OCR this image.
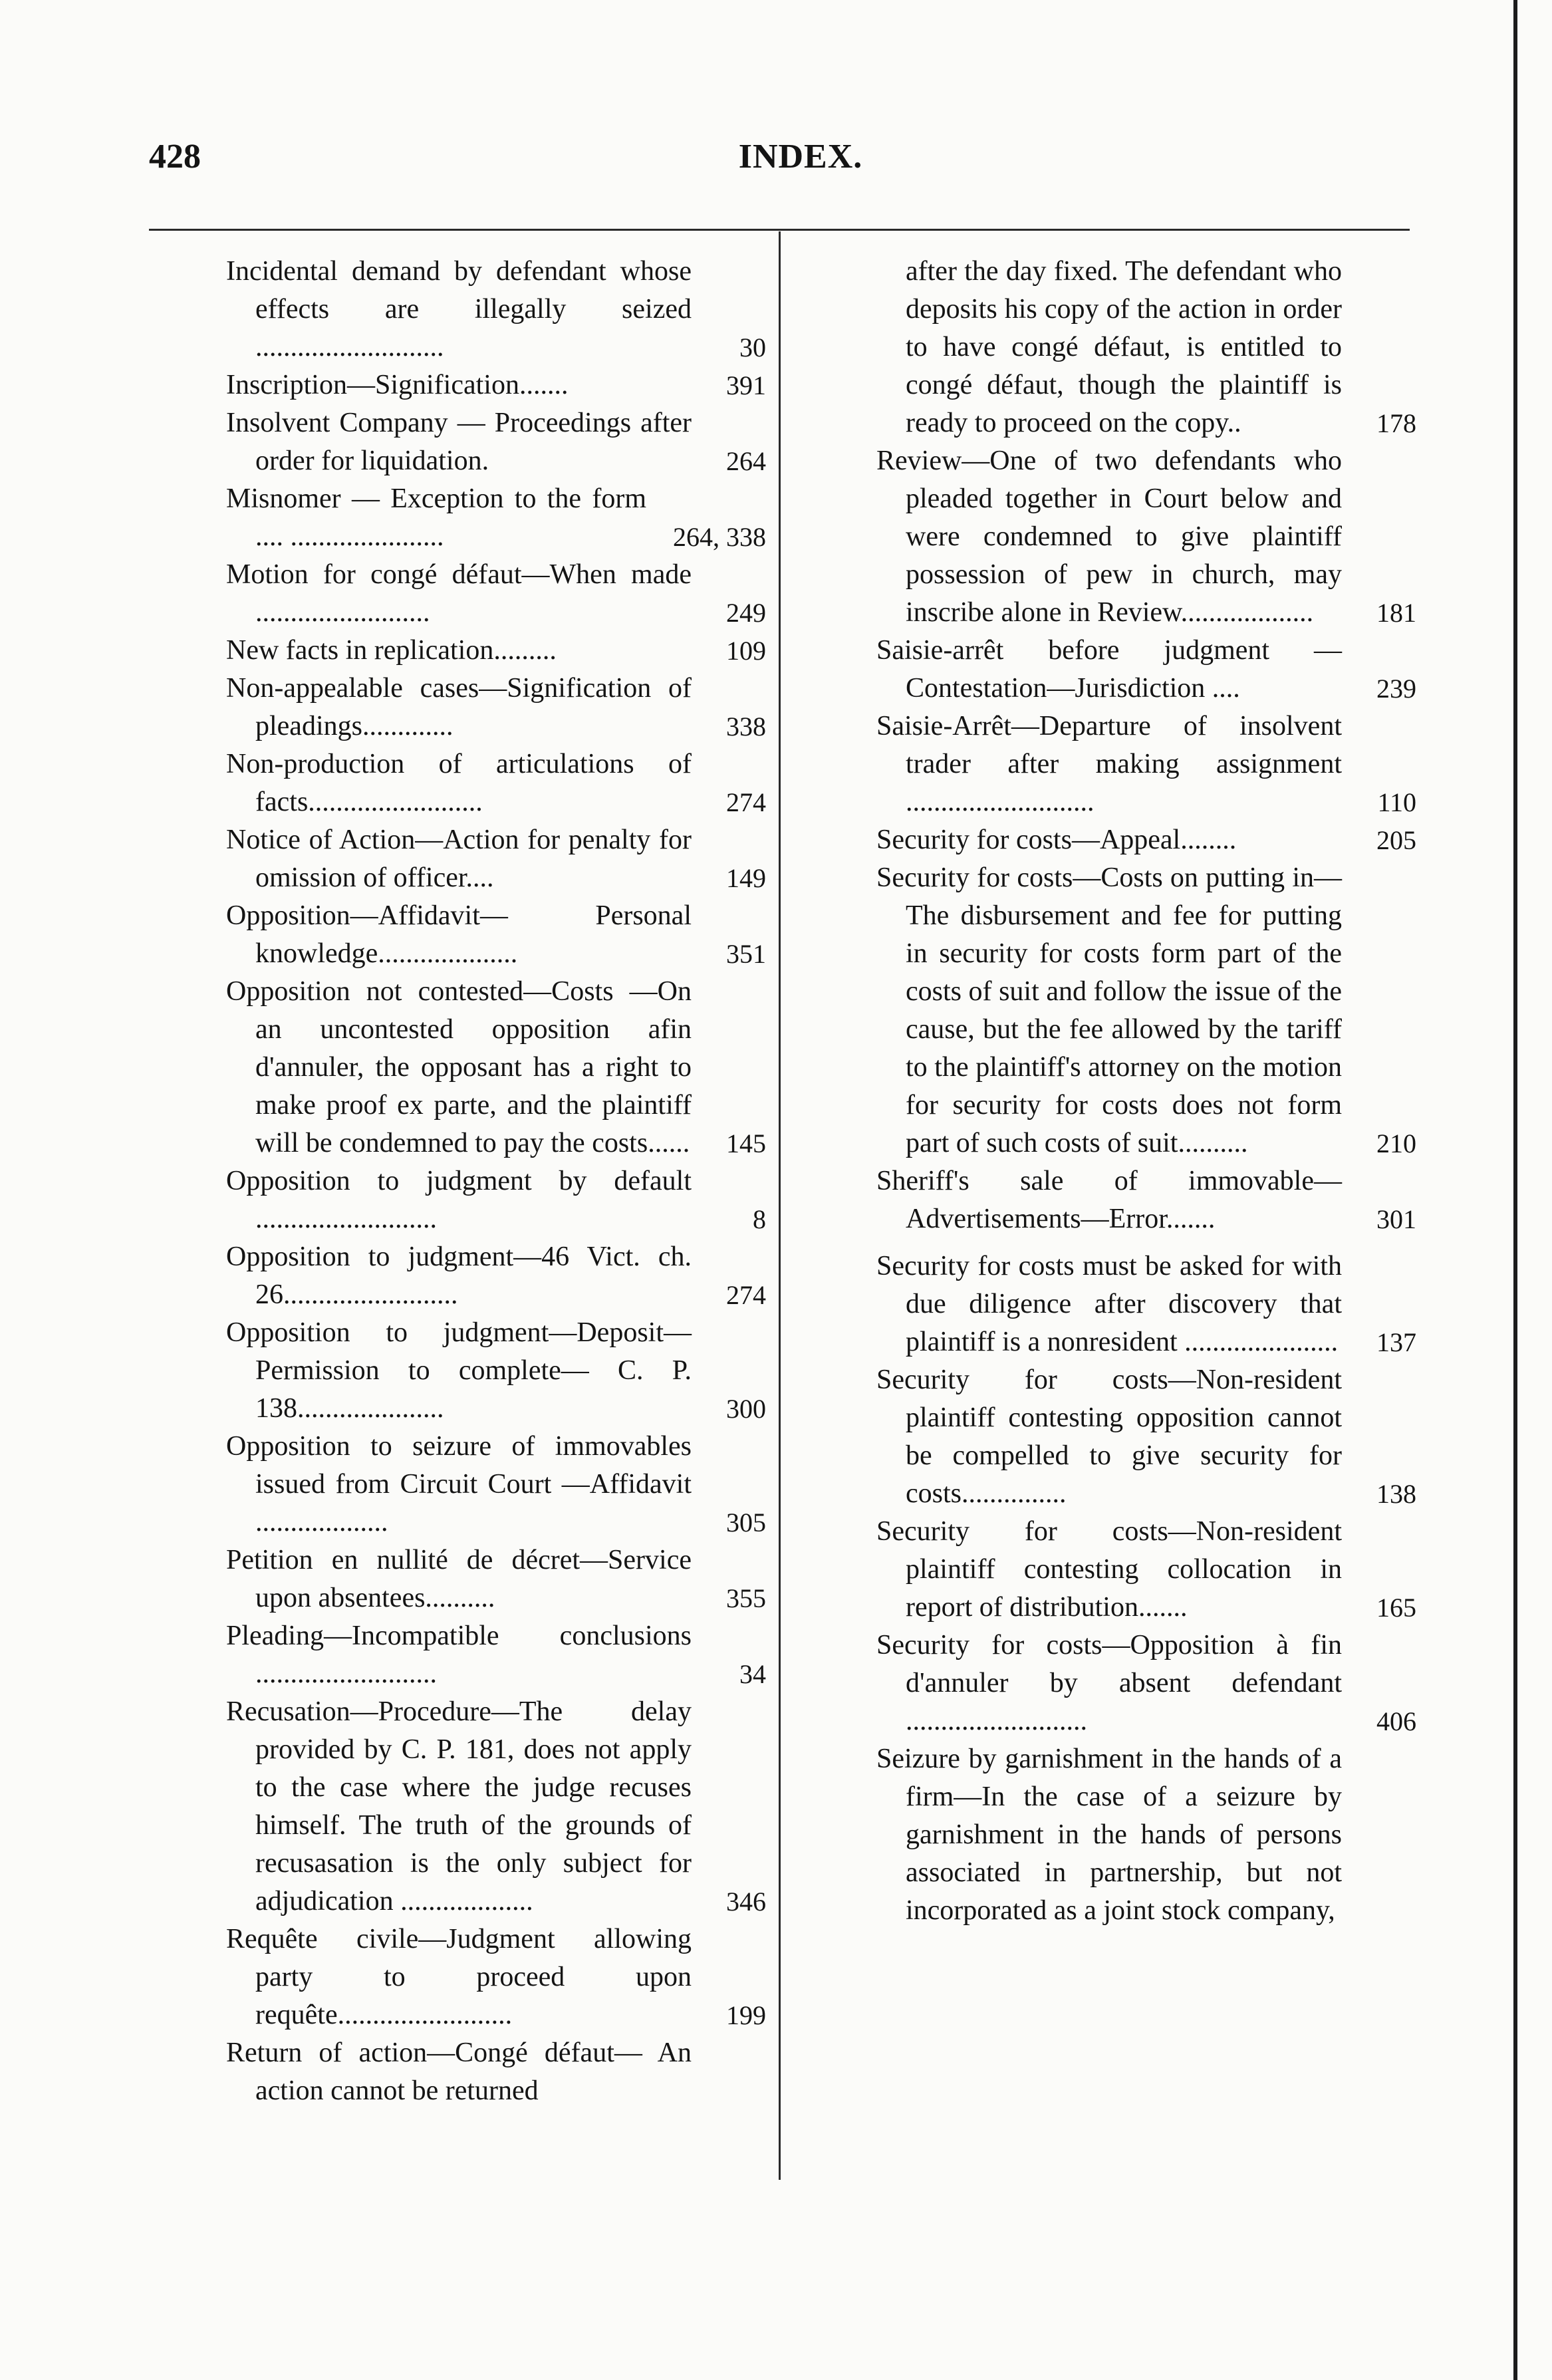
428	INDEX.
Incidental demand by defendant whose effects are illegally seized ...........................	30
Inscription—Signification.......	391
Insolvent Company — Proceedings after order for liquidation.	264
Misnomer — Exception to the form .... ......................	264, 338
Motion for congé défaut—When made .........................	249
New facts in replication.........	109
Non-appealable cases—Signification of pleadings.............	338
Non-production of articulations of facts.........................	274
Notice of Action—Action for penalty for omission of officer....	149
Opposition—Affidavit— Personal knowledge....................	351
Opposition not contested—Costs —On an uncontested opposition afin d'annuler, the opposant has a right to make proof ex parte, and the plaintiff will be condemned to pay the costs......	145
Opposition to judgment by default ..........................	8
Opposition to judgment—46 Vict. ch. 26.........................	274
Opposition to judgment—Deposit—Permission to complete— C. P. 138.....................	300
Opposition to seizure of immovables issued from Circuit Court —Affidavit ...................	305
Petition en nullité de décret—Service upon absentees..........	355
Pleading—Incompatible conclusions ..........................	34
Recusation—Procedure—The delay provided by C. P. 181, does not apply to the case where the judge recuses himself. The truth of the grounds of recusasation is the only subject for adjudication ...................	346
Requête civile—Judgment allowing party to proceed upon requête.........................	199
Return of action—Congé défaut— An action cannot be returned
after the day fixed. The defendant who deposits his copy of the action in order to have congé défaut, is entitled to congé défaut, though the plaintiff is ready to proceed on the copy..	178
Review—One of two defendants who pleaded together in Court below and were condemned to give plaintiff possession of pew in church, may inscribe alone in Review...................	181
Saisie-arrêt before judgment — Contestation—Jurisdiction ....	239
Saisie-Arrêt—Departure of insolvent trader after making assignment ...........................	110
Security for costs—Appeal........	205
Security for costs—Costs on putting in—The disbursement and fee for putting in security for costs form part of the costs of suit and follow the issue of the cause, but the fee allowed by the tariff to the plaintiff's attorney on the motion for security for costs does not form part of such costs of suit..........	210
Sheriff's sale of immovable— Advertisements—Error.......	301
Security for costs must be asked for with due diligence after discovery that plaintiff is a nonresident ......................	137
Security for costs—Non-resident plaintiff contesting opposition cannot be compelled to give security for costs...............	138
Security for costs—Non-resident plaintiff contesting collocation in report of distribution.......	165
Security for costs—Opposition à fin d'annuler by absent defendant ..........................	406
Seizure by garnishment in the hands of a firm—In the case of a seizure by garnishment in the hands of persons associated in partnership, but not incorporated as a joint stock company,
